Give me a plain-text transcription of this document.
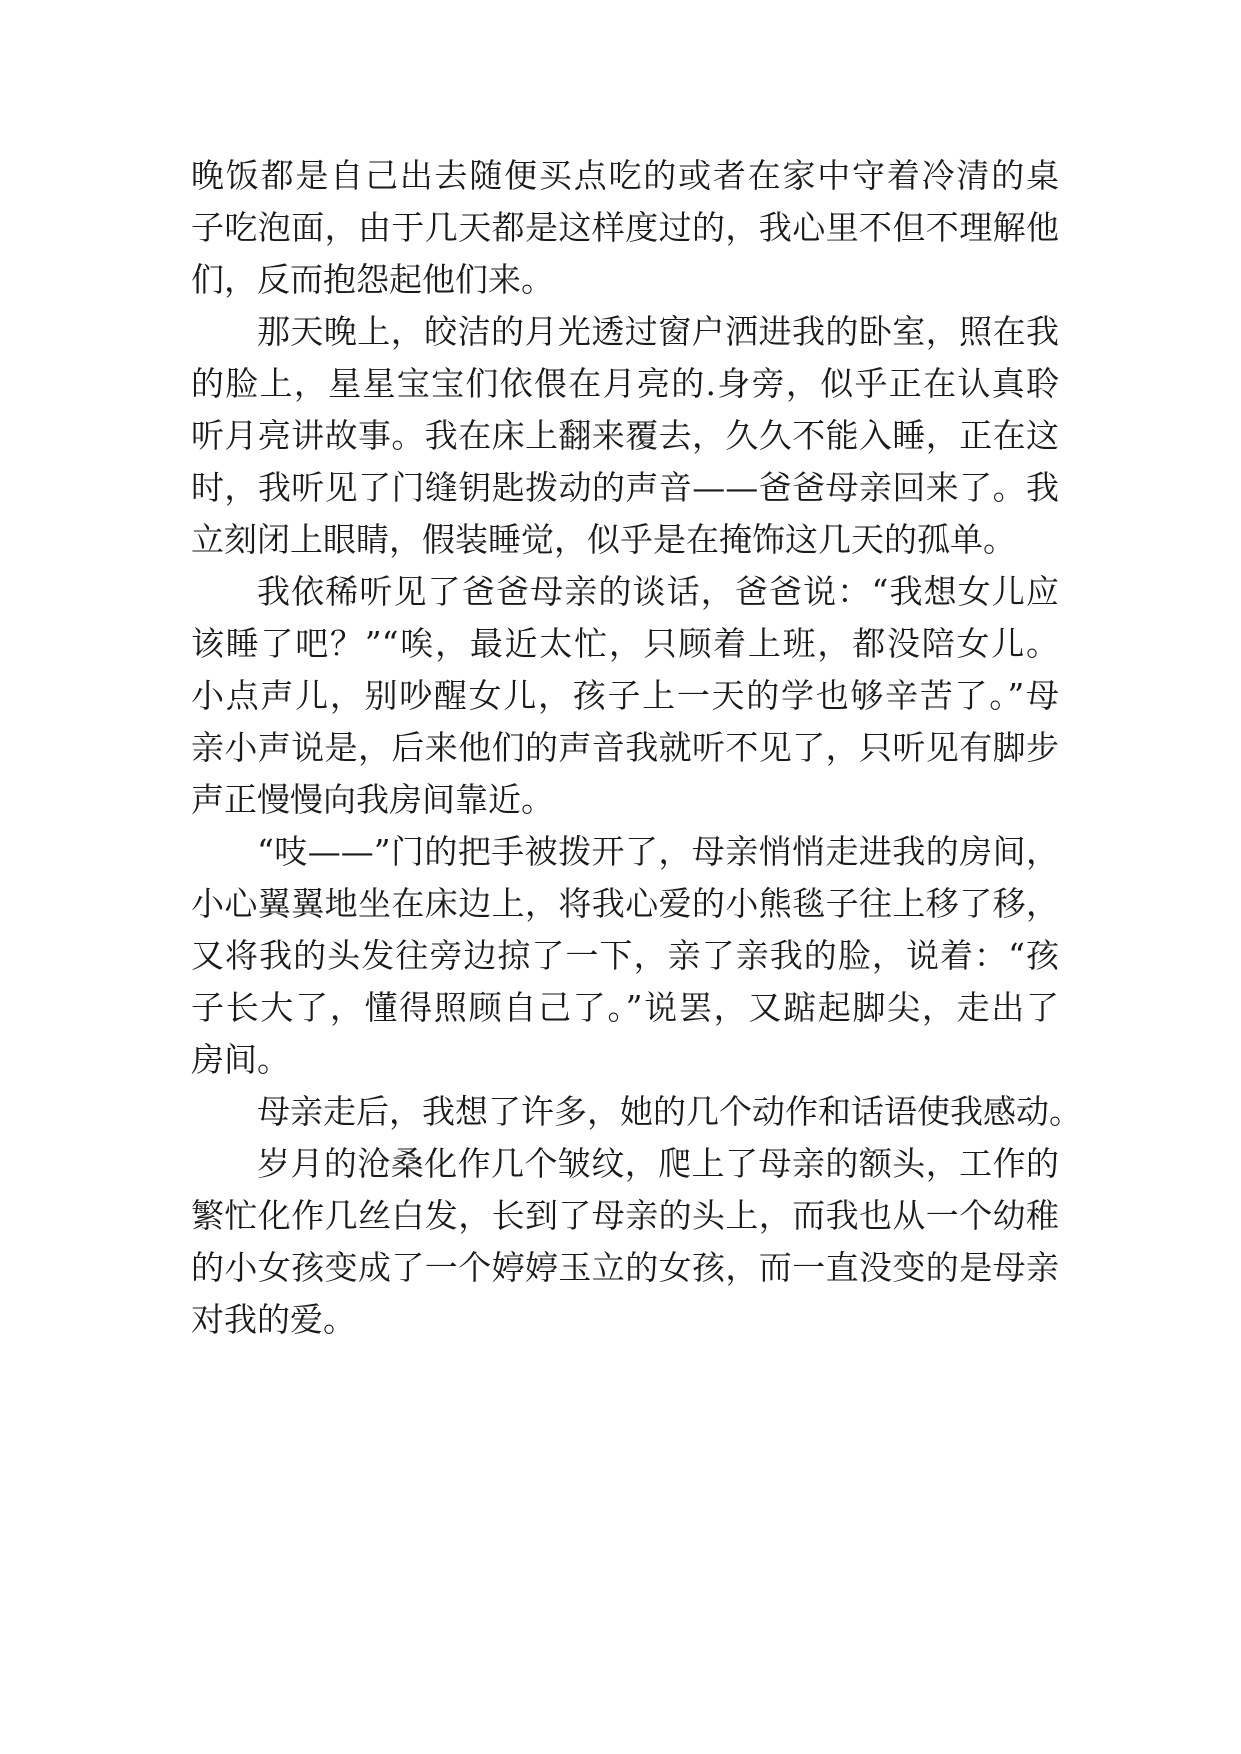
晚饭都是自己出去随便买点吃的或者在家中守着冷清的桌
子吃泡面，由于几天都是这样度过的，我心里不但不理解他
们，反而抱怨起他们来。
那天晚上，皎洁的月光透过窗户洒进我的卧室，照在我
的脸上，星星宝宝们依偎在月亮的.身旁，似乎正在认真聆
听月亮讲故事。我在床上翻来覆去，久久不能入睡，正在这
时，我听见了门缝钥匙拨动的声音——爸爸母亲回来了。我
立刻闭上眼睛，假装睡觉，似乎是在掩饰这几天的孤单。
我依稀听见了爸爸母亲的谈话，爸爸说：“我想女儿应
该睡了吧？”“唉，最近太忙，只顾着上班，都没陪女儿。
小点声儿，别吵醒女儿，孩子上一天的学也够辛苦了。”母
亲小声说是，后来他们的声音我就听不见了，只听见有脚步
声正慢慢向我房间靠近。
“吱——”门的把手被拨开了，母亲悄悄走进我的房间，
小心翼翼地坐在床边上，将我心爱的小熊毯子往上移了移，
又将我的头发往旁边掠了一下，亲了亲我的脸，说着：“孩
子长大了，懂得照顾自己了。”说罢，又踮起脚尖，走出了
房间。
母亲走后，我想了许多，她的几个动作和话语使我感动。
岁月的沧桑化作几个皱纹，爬上了母亲的额头，工作的
繁忙化作几丝白发，长到了母亲的头上，而我也从一个幼稚
的小女孩变成了一个婷婷玉立的女孩，而一直没变的是母亲
对我的爱。
